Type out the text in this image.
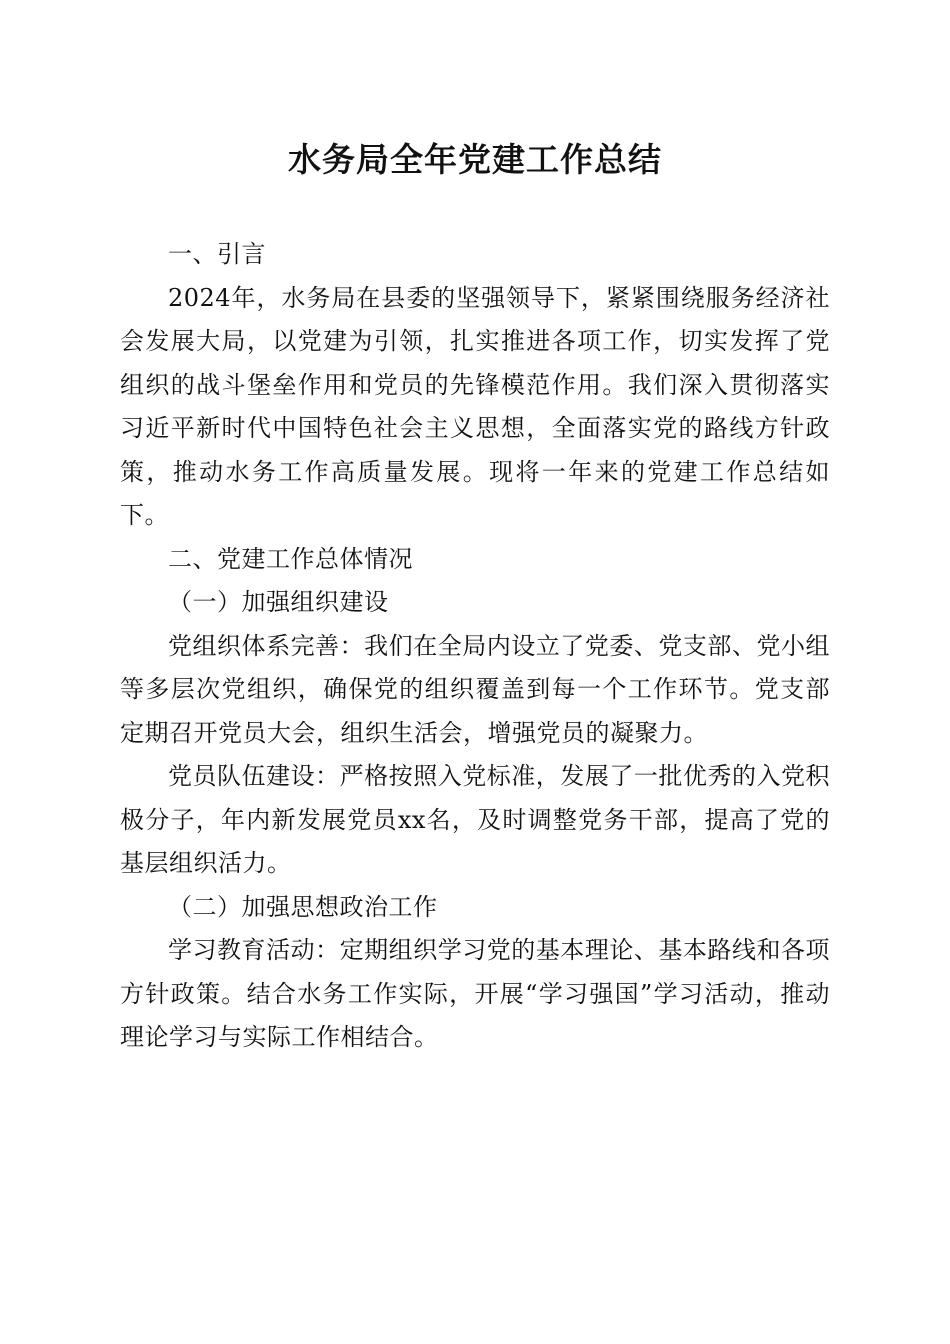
水务局全年党建工作总结

一、引言

2024年，水务局在县委的坚强领导下，紧紧围绕服务经济社会发展大局，以党建为引领，扎实推进各项工作，切实发挥了党组织的战斗堡垒作用和党员的先锋模范作用。我们深入贯彻落实习近平新时代中国特色社会主义思想，全面落实党的路线方针政策，推动水务工作高质量发展。现将一年来的党建工作总结如下。

二、党建工作总体情况

（一）加强组织建设

党组织体系完善：我们在全局内设立了党委、党支部、党小组等多层次党组织，确保党的组织覆盖到每一个工作环节。党支部定期召开党员大会，组织生活会，增强党员的凝聚力。

党员队伍建设：严格按照入党标准，发展了一批优秀的入党积极分子，年内新发展党员xx名，及时调整党务干部，提高了党的基层组织活力。

（二）加强思想政治工作

学习教育活动：定期组织学习党的基本理论、基本路线和各项方针政策。结合水务工作实际，开展“学习强国”学习活动，推动理论学习与实际工作相结合。
